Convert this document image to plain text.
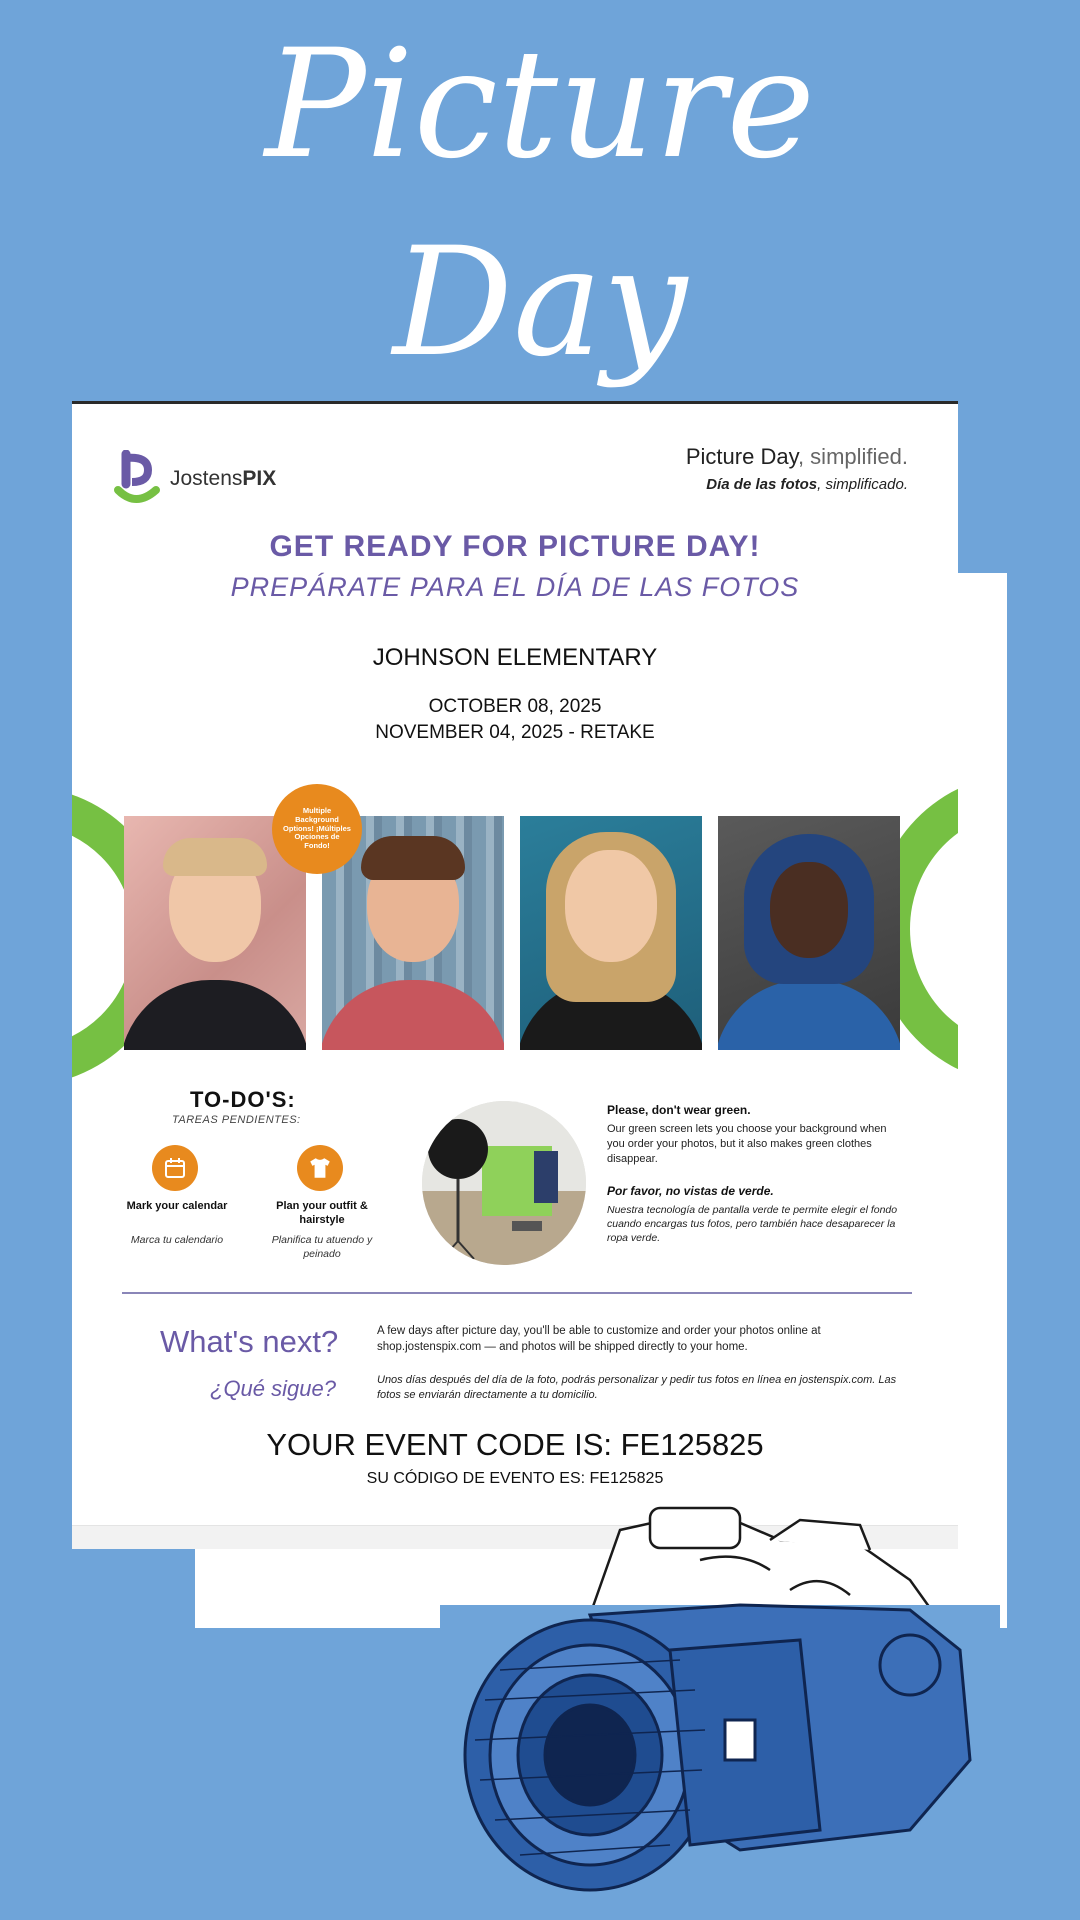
Picture
Day
JostensPIX
Picture Day, simplified.
Día de las fotos, simplificado.
GET READY FOR PICTURE DAY!
PREPÁRATE PARA EL DÍA DE LAS FOTOS
JOHNSON ELEMENTARY
OCTOBER 08, 2025
NOVEMBER 04, 2025 - RETAKE
Multiple Background Options! ¡Múltiples Opciones de Fondo!
TO-DO'S:
TAREAS PENDIENTES:
Mark your calendar
Marca tu calendario
Plan your outfit & hairstyle
Planifica tu atuendo y peinado
Please, don't wear green.
Our green screen lets you choose your background when you order your photos, but it also makes green clothes disappear.
Por favor, no vistas de verde.
Nuestra tecnología de pantalla verde te permite elegir el fondo cuando encargas tus fotos, pero también hace desaparecer la ropa verde.
What's next?
¿Qué sigue?
A few days after picture day, you'll be able to customize and order your photos online at shop.jostenspix.com — and photos will be shipped directly to your home.
Unos días después del día de la foto, podrás personalizar y pedir tus fotos en línea en jostenspix.com. Las fotos se enviarán directamente a tu domicilio.
YOUR EVENT CODE IS: FE125825
SU CÓDIGO DE EVENTO ES: FE125825
